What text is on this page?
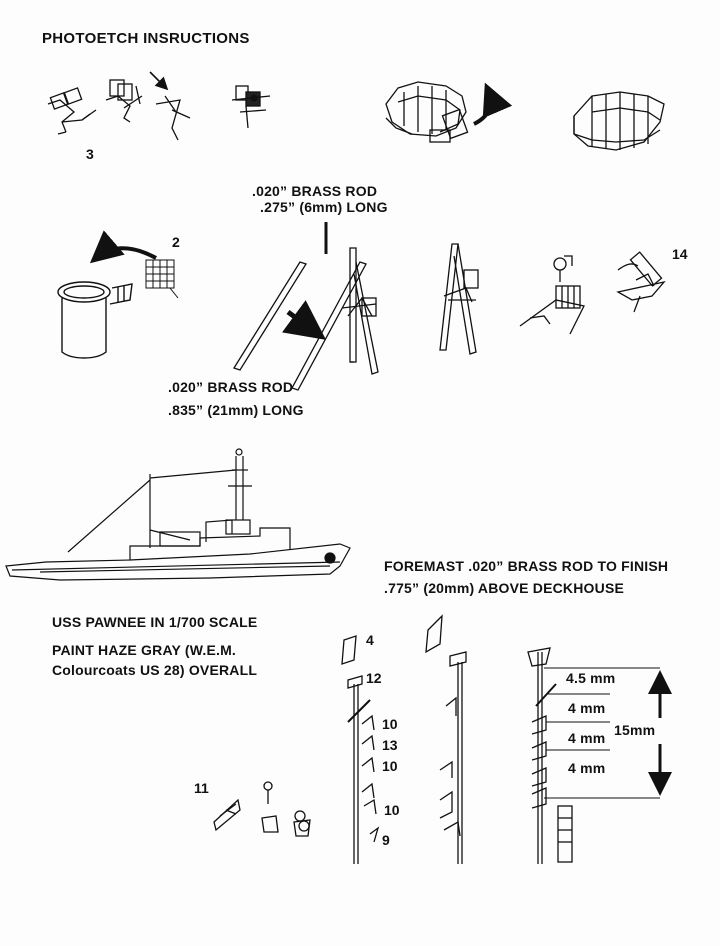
PHOTOETCH INSRUCTIONS
3
2
14
.020” BRASS ROD
.275” (6mm) LONG
.020” BRASS ROD
.835” (21mm) LONG
FOREMAST .020” BRASS ROD TO FINISH
.775” (20mm) ABOVE DECKHOUSE
USS PAWNEE IN 1/700 SCALE
PAINT HAZE GRAY (W.E.M.
Colourcoats US 28) OVERALL
4
12
10
13
10
10
9
11
4.5 mm
4 mm
4 mm
4 mm
15mm
